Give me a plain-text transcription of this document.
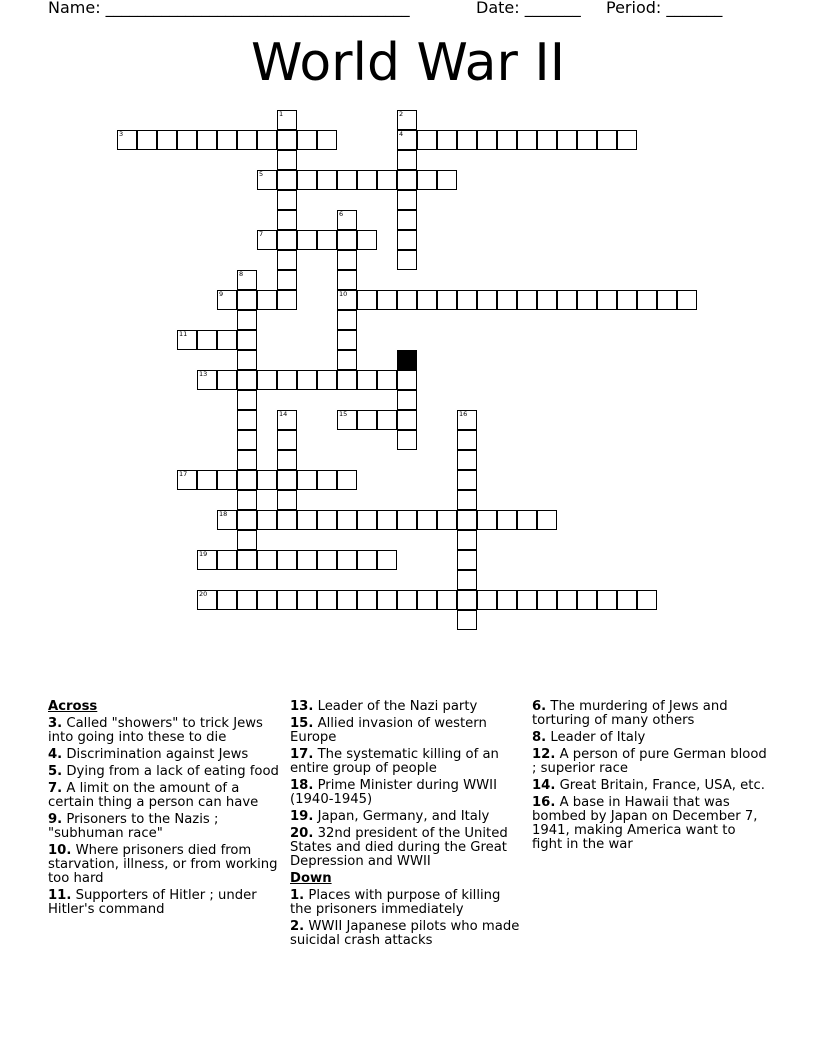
Name: ______________________________________	Date: _______ Period: _______
World War II
3	4
5
7
9	10
11
13
15
17
18
19
20
1	2
6
8
12
14	16
Across
3. Called "showers" to trick Jews into going into these to die
4. Discrimination against Jews
5. Dying from a lack of eating food
7. A limit on the amount of a certain thing a person can have
9. Prisoners to the Nazis ; "subhuman race"
10. Where prisoners died from starvation, illness, or from working too hard
11. Supporters of Hitler ; under Hitler's command
13. Leader of the Nazi party
15. Allied invasion of western Europe
17. The systematic killing of an entire group of people
18. Prime Minister during WWII (1940-1945)
19. Japan, Germany, and Italy
20. 32nd president of the United States and died during the Great Depression and WWII
Down
1. Places with purpose of killing the prisoners immediately
2. WWII Japanese pilots who made suicidal crash attacks
6. The murdering of Jews and torturing of many others
8. Leader of Italy
12. A person of pure German blood ; superior race
14. Great Britain, France, USA, etc.
16. A base in Hawaii that was bombed by Japan on December 7, 1941, making America want to fight in the war
